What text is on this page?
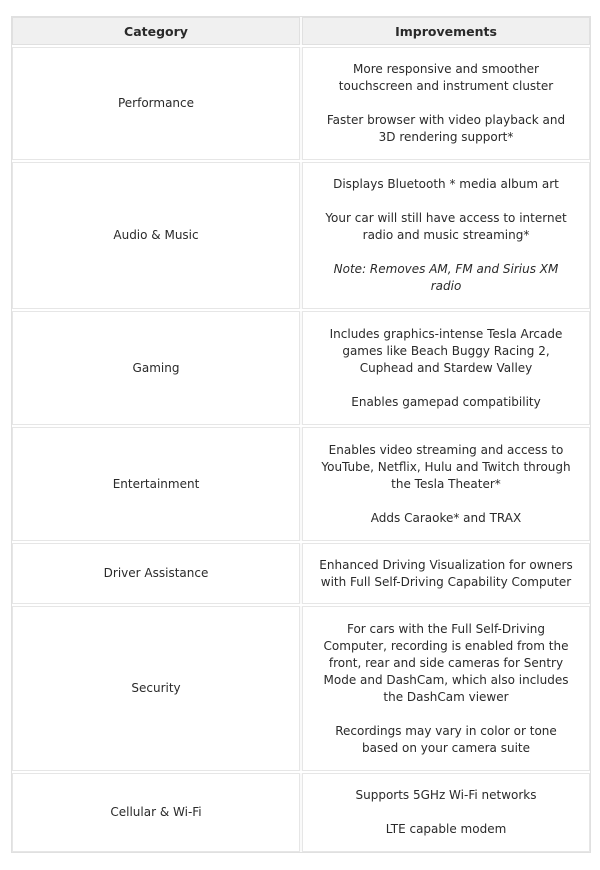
Category	Improvements
Performance

More responsive and smoother
touchscreen and instrument cluster

Faster browser with video playback and
3D rendering support*

Audio & Music

Displays Bluetooth * media album art

Your car will still have access to internet
radio and music streaming*

Note: Removes AM, FM and Sirius XM
radio

Gaming

Includes graphics-intense Tesla Arcade
games like Beach Buggy Racing 2,
Cuphead and Stardew Valley

Enables gamepad compatibility

Entertainment

Enables video streaming and access to
YouTube, Netflix, Hulu and Twitch through
the Tesla Theater*

Adds Caraoke* and TRAX

Driver Assistance

Enhanced Driving Visualization for owners
with Full Self-Driving Capability Computer

Security

For cars with the Full Self-Driving
Computer, recording is enabled from the
front, rear and side cameras for Sentry
Mode and DashCam, which also includes
the DashCam viewer

Recordings may vary in color or tone
based on your camera suite

Cellular & Wi-Fi

Supports 5GHz Wi-Fi networks

LTE capable modem
